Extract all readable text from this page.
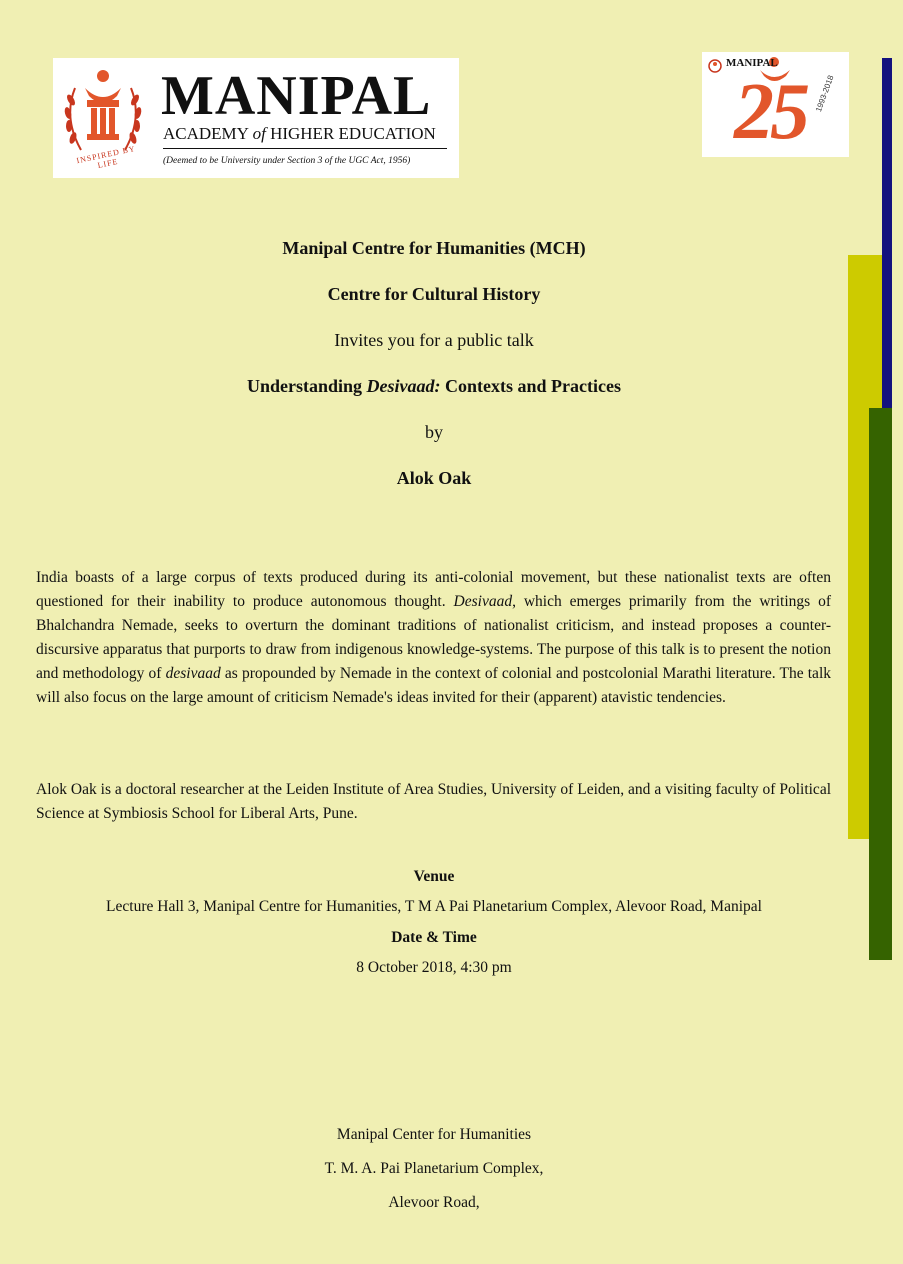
INSPIRED BY LIFE
MANIPAL
ACADEMY of HIGHER EDUCATION
(Deemed to be University under Section 3 of the UGC Act, 1956)
MANIPAL
25 1993-2018
Manipal Centre for Humanities (MCH)
Centre for Cultural History
Invites you for a public talk
Understanding Desivaad: Contexts and Practices
by
Alok Oak
India boasts of a large corpus of texts produced during its anti-colonial movement, but these nationalist texts are often questioned for their inability to produce autonomous thought. Desivaad, which emerges primarily from the writings of Bhalchandra Nemade, seeks to overturn the dominant traditions of nationalist criticism, and instead proposes a counter-discursive apparatus that purports to draw from indigenous knowledge-systems. The purpose of this talk is to present the notion and methodology of desivaad as propounded by Nemade in the context of colonial and postcolonial Marathi literature. The talk will also focus on the large amount of criticism Nemade's ideas invited for their (apparent) atavistic tendencies.
Alok Oak is a doctoral researcher at the Leiden Institute of Area Studies, University of Leiden, and a visiting faculty of Political Science at Symbiosis School for Liberal Arts, Pune.
Venue
Lecture Hall 3, Manipal Centre for Humanities, T M A Pai Planetarium Complex, Alevoor Road, Manipal
Date & Time
8 October 2018, 4:30 pm
Manipal Center for Humanities
T. M. A. Pai Planetarium Complex,
Alevoor Road,
